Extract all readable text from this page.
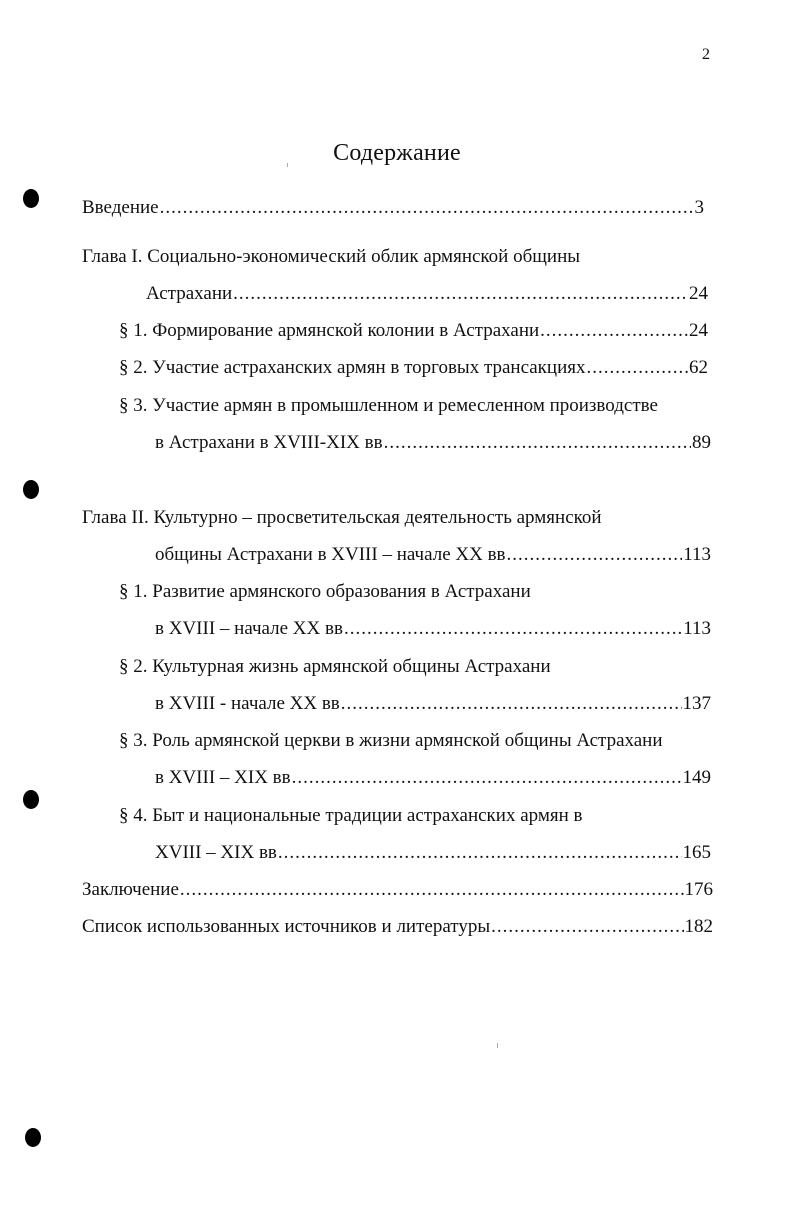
2
Содержание
Введение .....	3
Глава I. Социально-экономический облик армянской общины
Астрахани .....	24
§ 1. Формирование армянской колонии в Астрахани .....	24
§ 2. Участие астраханских армян в торговых трансакциях .....	62
§ 3. Участие армян в промышленном и ремесленном производстве
в Астрахани в XVIII-XIX вв .....	89
Глава II. Культурно – просветительская деятельность армянской
общины Астрахани в XVIII – начале XX вв .....	113
§ 1. Развитие армянского образования в Астрахани
в XVIII – начале XX вв .....	113
§ 2. Культурная жизнь армянской общины Астрахани
в XVIII - начале XX вв .....	137
§ 3. Роль армянской церкви в жизни армянской общины Астрахани
в XVIII – XIX вв .....	149
§ 4. Быт и национальные традиции астраханских армян в
XVIII – XIX вв .....	165
Заключение .....	176
Список использованных источников и литературы .....	182
